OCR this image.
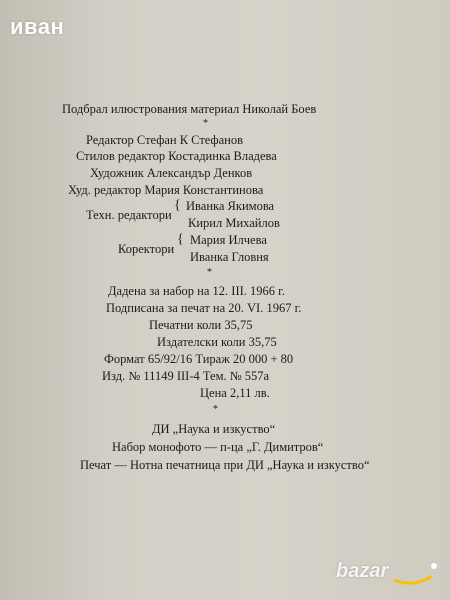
иван
Подбрал илюстрования материал Николай Боев
*
Редактор Стефан К Стефанов
Стилов редактор Костадинка Владева
Художник Александър Денков
Худ. редактор Мария Константинова
Техн. редактори
{ Иванка Якимова
Кирил Михайлов
Коректори
{ Мария Илчева
Иванка Гловня
*
Дадена за набор на 12. III. 1966 г.
Подписана за печат на 20. VI. 1967 г.
Печатни коли 35,75
Издателски коли 35,75
Формат 65/92/16 Тираж 20 000 + 80
Изд. № 11149 III-4 Тем. № 557а
Цена 2,11 лв.
*
ДИ „Наука и изкуство“
Набор монофото — п-ца „Г. Димитров“
Печат — Нотна печатница при ДИ „Наука и изкуство“
bazar
